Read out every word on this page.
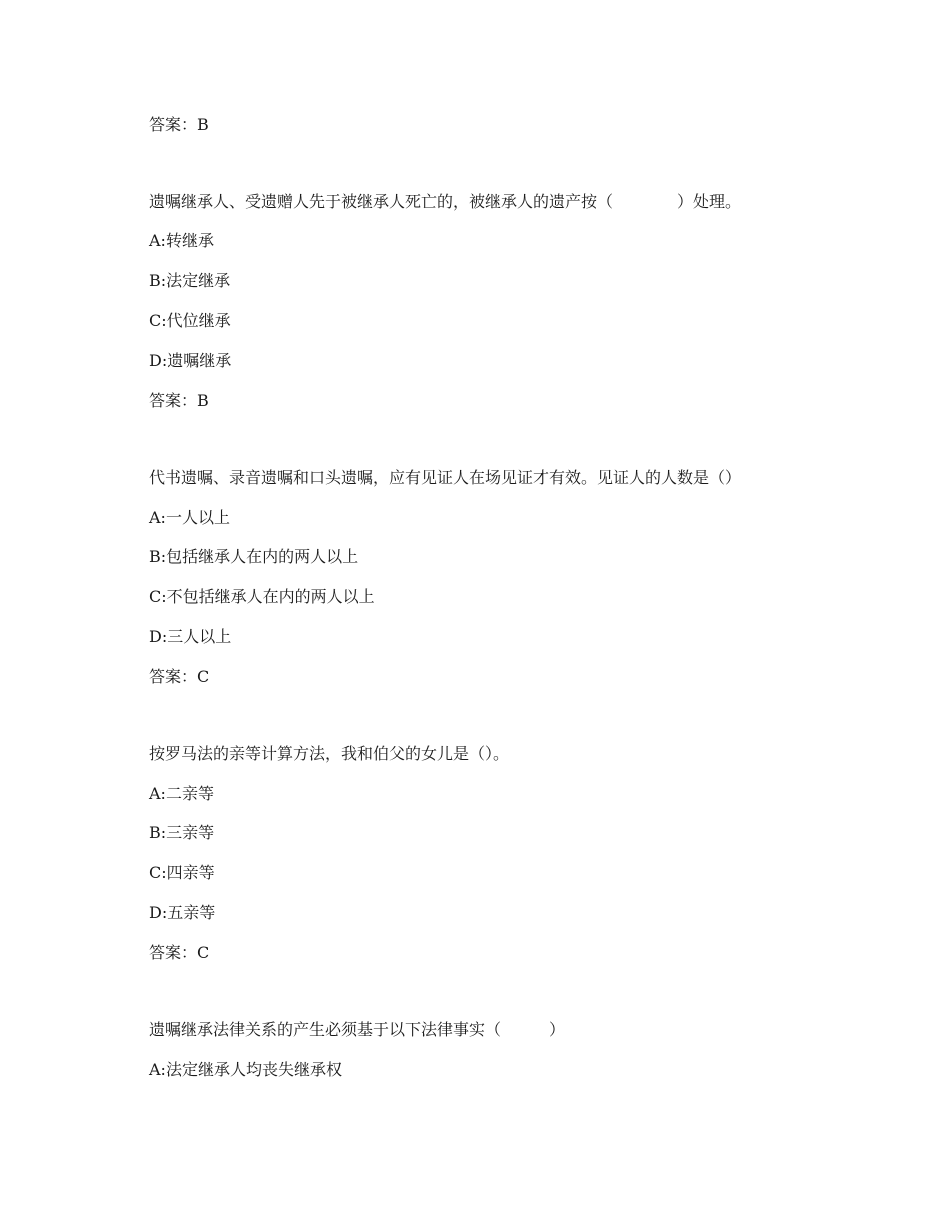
答案：B
遗嘱继承人、受遗赠人先于被继承人死亡的，被继承人的遗产按（　　　　）处理。
A:转继承
B:法定继承
C:代位继承
D:遗嘱继承
答案：B
代书遗嘱、录音遗嘱和口头遗嘱，应有见证人在场见证才有效。见证人的人数是（）
A:一人以上
B:包括继承人在内的两人以上
C:不包括继承人在内的两人以上
D:三人以上
答案：C
按罗马法的亲等计算方法，我和伯父的女儿是（）。
A:二亲等
B:三亲等
C:四亲等
D:五亲等
答案：C
遗嘱继承法律关系的产生必须基于以下法律事实（　　　）
A:法定继承人均丧失继承权
